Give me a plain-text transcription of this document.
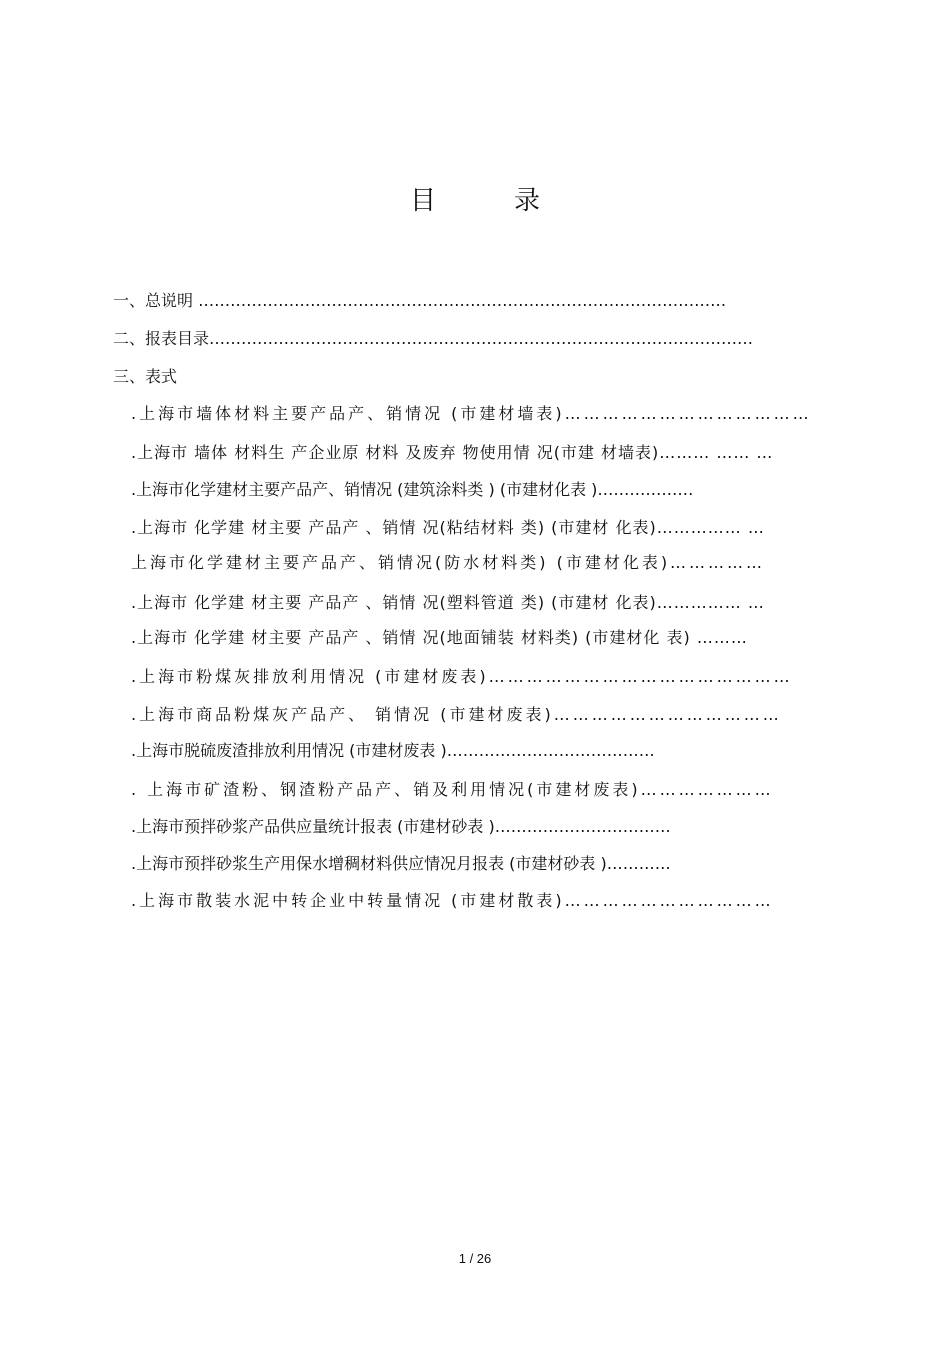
目录
一、总说明 ………………………………………………………………………………………
二、报表目录…………………………………………………………………………………………
三、表式
.上海市墙体材料主要产品产、销情况 (市建材墙表)…………………………………
.上海市 墙体 材料生 产企业原 材料 及废弃 物使用情 况(市建 材墙表)……… …… …
.上海市化学建材主要产品产、销情况 (建筑涂料类 ) (市建材化表 )………………
.上海市 化学建 材主要 产品产 、销情 况(粘结材料 类) (市建材 化表)…………… …
上海市化学建材主要产品产、销情况(防水材料类) (市建材化表)……………
.上海市 化学建 材主要 产品产 、销情 况(塑料管道 类) (市建材 化表)…………… …
.上海市 化学建 材主要 产品产 、销情 况(地面铺装 材料类) (市建材化 表) ………
.上海市粉煤灰排放利用情况 (市建材废表)…………………………………………
.上海市商品粉煤灰产品产、 销情况 (市建材废表)………………………………
.上海市脱硫废渣排放利用情况 (市建材废表 )…………………………………
. 上海市矿渣粉、钢渣粉产品产、销及利用情况(市建材废表)…………………
.上海市预拌砂浆产品供应量统计报表 (市建材砂表 )……………………………
.上海市预拌砂浆生产用保水增稠材料供应情况月报表 (市建材砂表 )…………
.上海市散装水泥中转企业中转量情况 (市建材散表)……………………………
1 / 26
